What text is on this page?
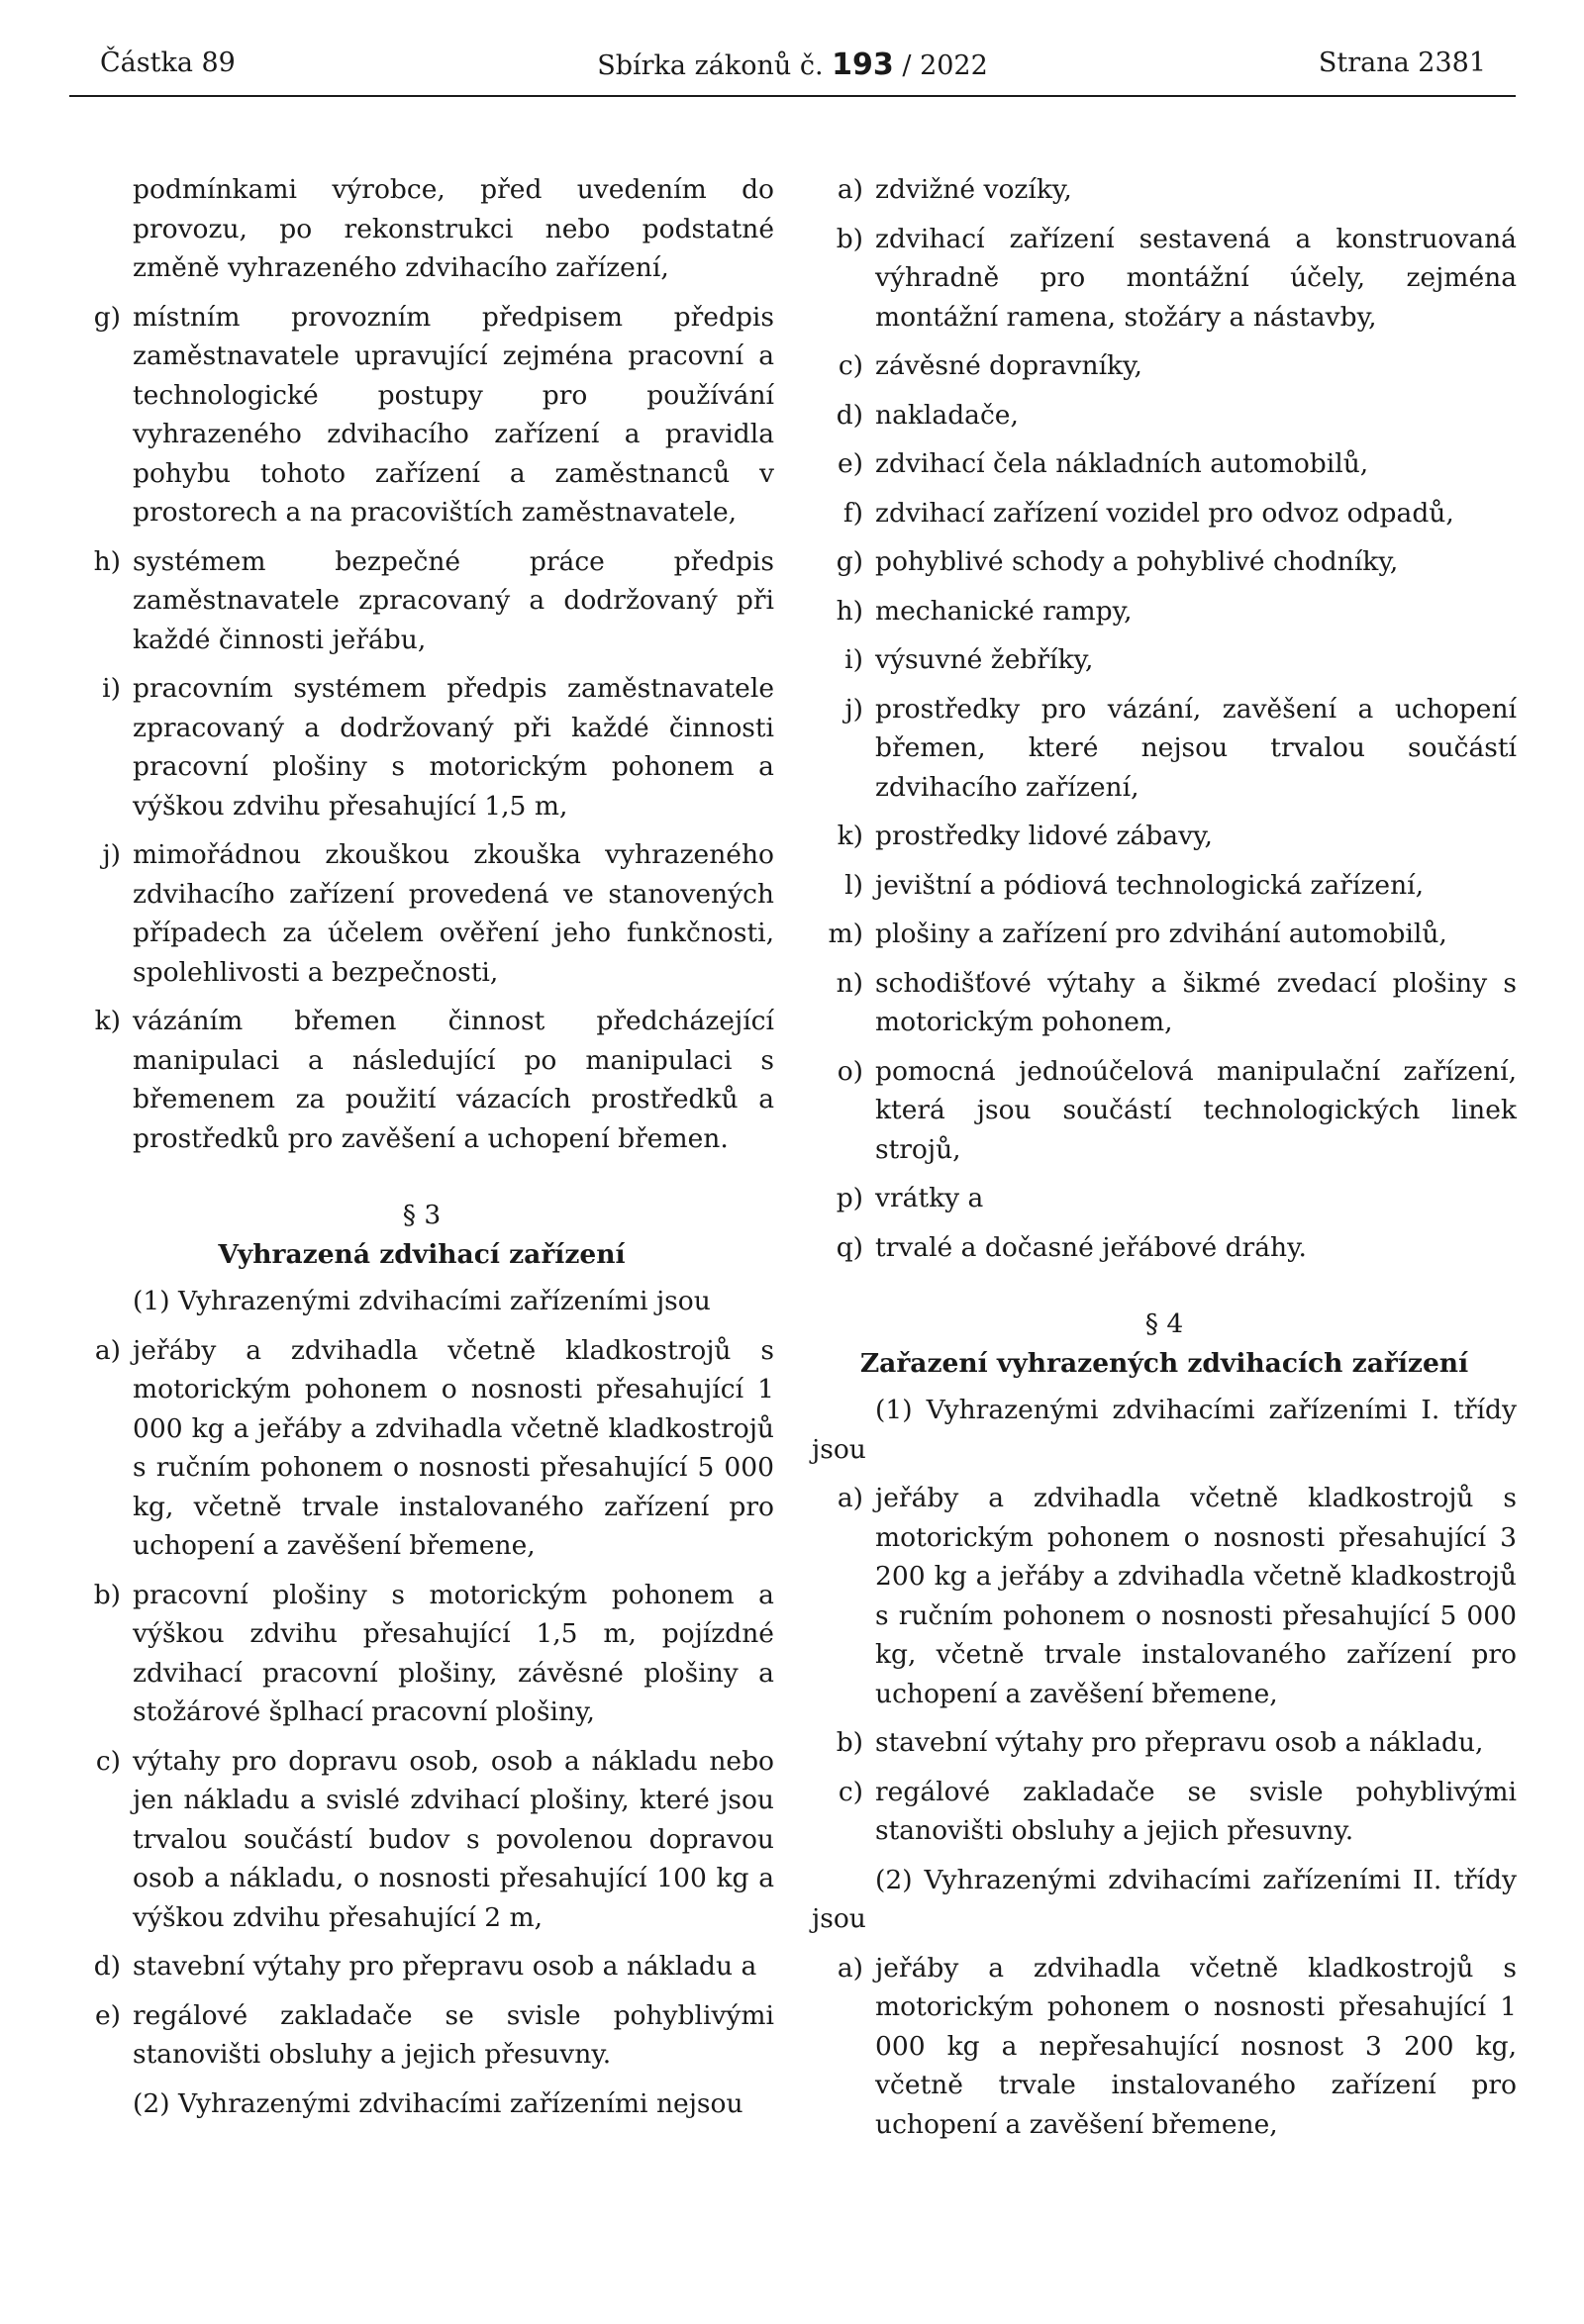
Částka 89	Sbírka zákonů č. 193 / 2022	Strana 2381
podmínkami výrobce, před uvedením do provozu, po rekonstrukci nebo podstatné změně vyhrazeného zdvihacího zařízení,
g) místním provozním předpisem předpis zaměstnavatele upravující zejména pracovní a technologické postupy pro používání vyhrazeného zdvihacího zařízení a pravidla pohybu tohoto zařízení a zaměstnanců v prostorech a na pracovištích zaměstnavatele,
h) systémem bezpečné práce předpis zaměstnavatele zpracovaný a dodržovaný při každé činnosti jeřábu,
i) pracovním systémem předpis zaměstnavatele zpracovaný a dodržovaný při každé činnosti pracovní plošiny s motorickým pohonem a výškou zdvihu přesahující 1,5 m,
j) mimořádnou zkouškou zkouška vyhrazeného zdvihacího zařízení provedená ve stanovených případech za účelem ověření jeho funkčnosti, spolehlivosti a bezpečnosti,
k) vázáním břemen činnost předcházející manipulaci a následující po manipulaci s břemenem za použití vázacích prostředků a prostředků pro zavěšení a uchopení břemen.
§ 3
Vyhrazená zdvihací zařízení
(1) Vyhrazenými zdvihacími zařízeními jsou
a) jeřáby a zdvihadla včetně kladkostrojů s motorickým pohonem o nosnosti přesahující 1 000 kg a jeřáby a zdvihadla včetně kladkostrojů s ručním pohonem o nosnosti přesahující 5 000 kg, včetně trvale instalovaného zařízení pro uchopení a zavěšení břemene,
b) pracovní plošiny s motorickým pohonem a výškou zdvihu přesahující 1,5 m, pojízdné zdvihací pracovní plošiny, závěsné plošiny a stožárové šplhací pracovní plošiny,
c) výtahy pro dopravu osob, osob a nákladu nebo jen nákladu a svislé zdvihací plošiny, které jsou trvalou součástí budov s povolenou dopravou osob a nákladu, o nosnosti přesahující 100 kg a výškou zdvihu přesahující 2 m,
d) stavební výtahy pro přepravu osob a nákladu a
e) regálové zakladače se svisle pohyblivými stanovišti obsluhy a jejich přesuvny.
(2) Vyhrazenými zdvihacími zařízeními nejsou
a) zdvižné vozíky,
b) zdvihací zařízení sestavená a konstruovaná výhradně pro montážní účely, zejména montážní ramena, stožáry a nástavby,
c) závěsné dopravníky,
d) nakladače,
e) zdvihací čela nákladních automobilů,
f) zdvihací zařízení vozidel pro odvoz odpadů,
g) pohyblivé schody a pohyblivé chodníky,
h) mechanické rampy,
i) výsuvné žebříky,
j) prostředky pro vázání, zavěšení a uchopení břemen, které nejsou trvalou součástí zdvihacího zařízení,
k) prostředky lidové zábavy,
l) jevištní a pódiová technologická zařízení,
m) plošiny a zařízení pro zdvihání automobilů,
n) schodišťové výtahy a šikmé zvedací plošiny s motorickým pohonem,
o) pomocná jednoúčelová manipulační zařízení, která jsou součástí technologických linek strojů,
p) vrátky a
q) trvalé a dočasné jeřábové dráhy.
§ 4
Zařazení vyhrazených zdvihacích zařízení
(1) Vyhrazenými zdvihacími zařízeními I. třídy jsou
a) jeřáby a zdvihadla včetně kladkostrojů s motorickým pohonem o nosnosti přesahující 3 200 kg a jeřáby a zdvihadla včetně kladkostrojů s ručním pohonem o nosnosti přesahující 5 000 kg, včetně trvale instalovaného zařízení pro uchopení a zavěšení břemene,
b) stavební výtahy pro přepravu osob a nákladu,
c) regálové zakladače se svisle pohyblivými stanovišti obsluhy a jejich přesuvny.
(2) Vyhrazenými zdvihacími zařízeními II. třídy jsou
a) jeřáby a zdvihadla včetně kladkostrojů s motorickým pohonem o nosnosti přesahující 1 000 kg a nepřesahující nosnost 3 200 kg, včetně trvale instalovaného zařízení pro uchopení a zavěšení břemene,
